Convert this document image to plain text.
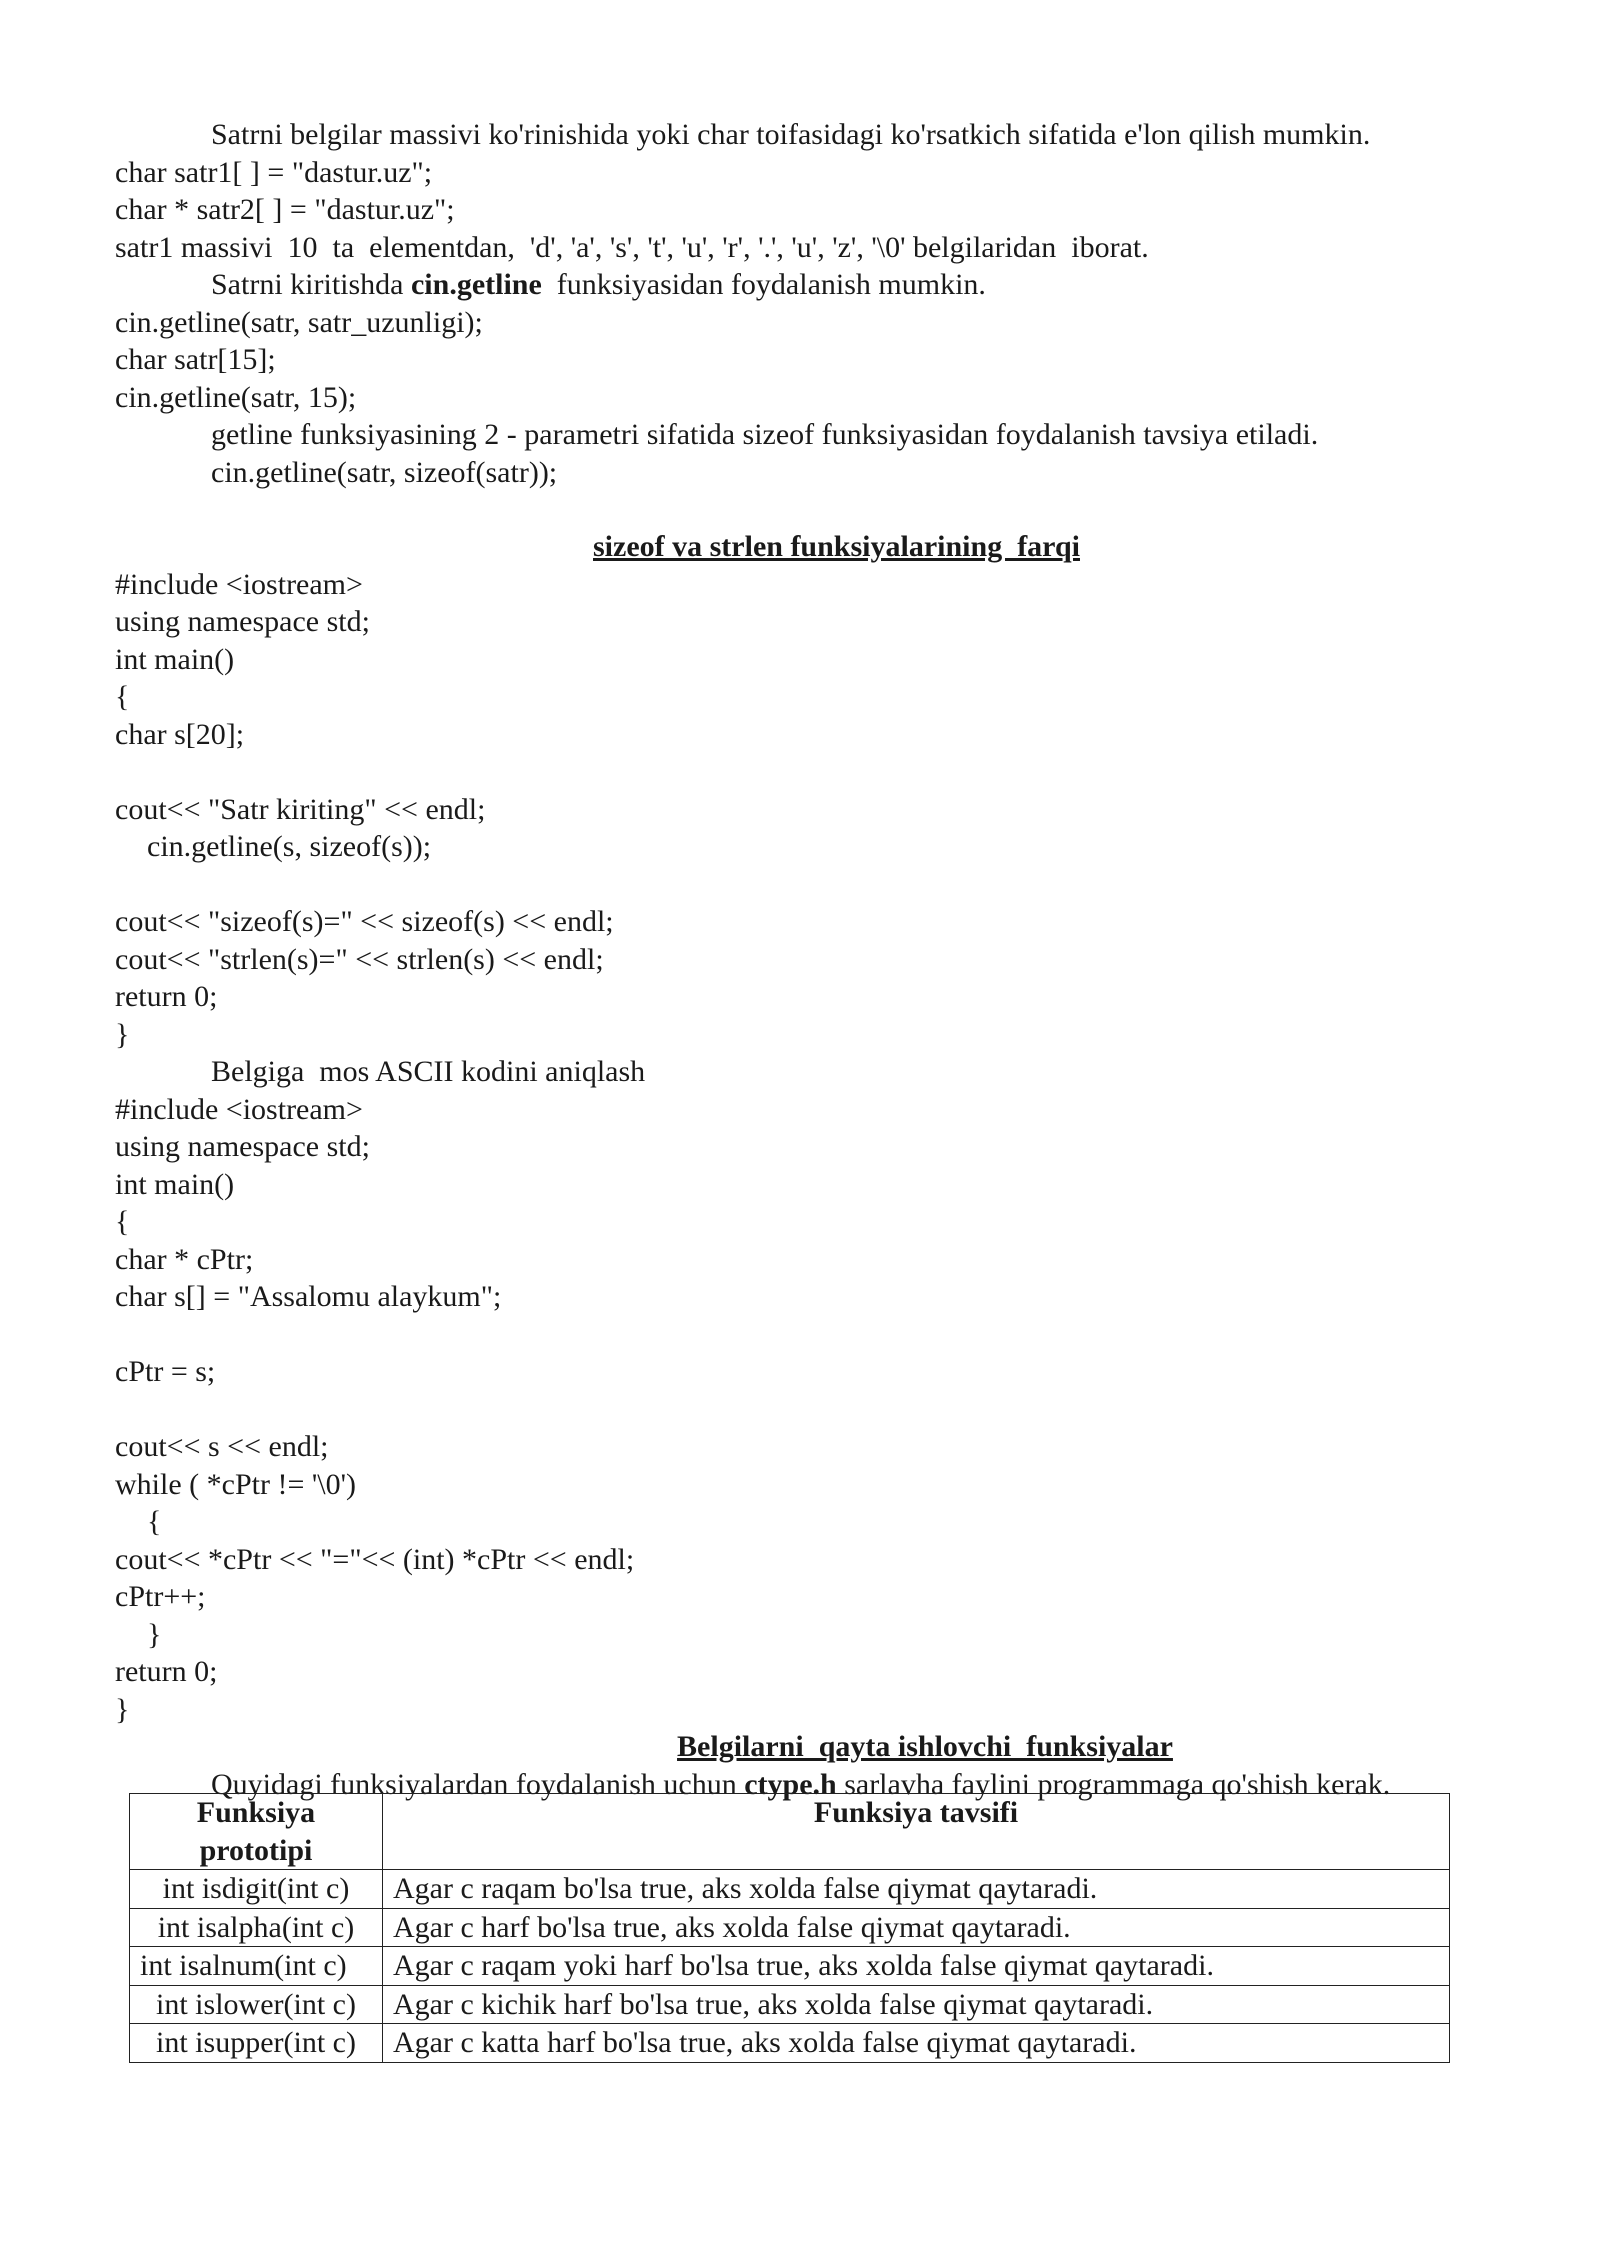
Satrni belgilar massivi ko'rinishida yoki char toifasidagi ko'rsatkich sifatida e'lon qilish mumkin.
char satr1[ ] = "dastur.uz";
char * satr2[ ] = "dastur.uz";
satr1 massivi  10  ta  elementdan,  'd', 'a', 's', 't', 'u', 'r', '.', 'u', 'z', '\0' belgilaridan  iborat.
Satrni kiritishda cin.getline  funksiyasidan foydalanish mumkin.
cin.getline(satr, satr_uzunligi);
char satr[15];
cin.getline(satr, 15);
getline funksiyasining 2 - parametri sifatida sizeof funksiyasidan foydalanish tavsiya etiladi.
cin.getline(satr, sizeof(satr));
sizeof va strlen funksiyalarining  farqi
#include <iostream>
using namespace std;
int main()
{
char s[20];
cout<< "Satr kiriting" << endl;
cin.getline(s, sizeof(s));
cout<< "sizeof(s)=" << sizeof(s) << endl;
cout<< "strlen(s)=" << strlen(s) << endl;
return 0;
}
Belgiga  mos ASCII kodini aniqlash
#include <iostream>
using namespace std;
int main()
{
char * cPtr;
char s[] = "Assalomu alaykum";
cPtr = s;
cout<< s << endl;
while ( *cPtr != '\0')
{
cout<< *cPtr << "="<< (int) *cPtr << endl;
cPtr++;
}
return 0;
}
Belgilarni  qayta ishlovchi  funksiyalar
Quyidagi funksiyalardan foydalanish uchun ctype.h sarlavha faylini programmaga qo'shish kerak.
Funksiya
prototipi	Funksiya tavsifi
int isdigit(int c)	Agar c raqam bo'lsa true, aks xolda false qiymat qaytaradi.
int isalpha(int c)	Agar c harf bo'lsa true, aks xolda false qiymat qaytaradi.
int isalnum(int c)	Agar c raqam yoki harf bo'lsa true, aks xolda false qiymat qaytaradi.
int islower(int c)	Agar c kichik harf bo'lsa true, aks xolda false qiymat qaytaradi.
int isupper(int c)	Agar c katta harf bo'lsa true, aks xolda false qiymat qaytaradi.
